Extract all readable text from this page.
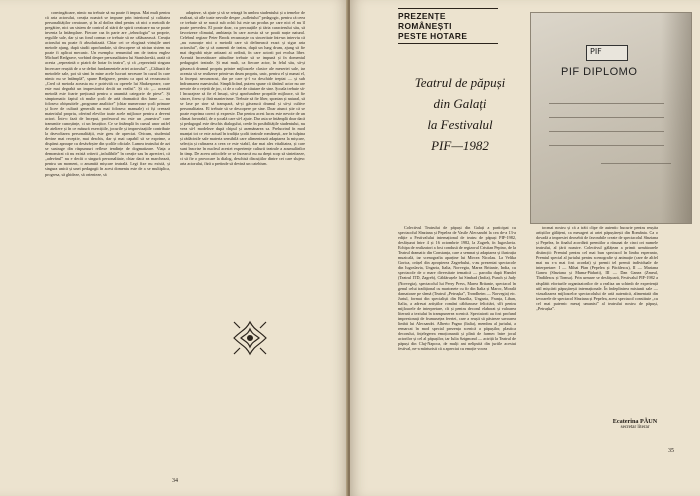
convingătoare, nimic nu trebuie să nu poate fi impus. Mai mult pentru că arta actorului, creația noastră se impune prin interiorul și calitatea personalităților creatoare, și în al doilea rând pentru că nici o metodă de pregătire, nici un sistem de control al stării de spirit creatoare nu se poate inventa la întâmplare. Fiecare caz în parte are „tehnologia” sa proprie, regulile sale, dar și un fond comun ce trebuie să ne călăuzească. Creația actorului nu poate fi absolutizată. Chiar cei ce elogiază virtuțile unei metode ajung, după studii aprofundate, să descopere că niciun sistem nu poate fi aplicat mecanic. Un exemplu: renumitul om de teatru englez Michael Redgrave, vorbind despre personalitatea lui Stanislavski, arată că acesta „reprezintă o piatră de hotar în teatru”, și că „reprezintă singura încercare reușită de a se defini fundamentele artei actorului”. „Călăuzit de metodele sale, pot să simt în mine acele lucruri necesare în cazul în care nimic nu se întâmplă”, spune Redgrave, pentru ca apoi să recunoască: „Cred că metoda aceasta nu e potrivită cu operele lui Shakespeare, care este mai degrabă un impresionist decât un realist”. Și că: „... această metodă este foarte prețioasă pentru o anumită categorie de piese”. Și simptomatic faptul că multe școli de artă dramatică din lume — nu folosesc obișnuitele „programe analitice” (chiar numeroase școli primare și licee de cultură generală nu mai folosesc manuale) ci își creează materialul propriu, oferind elevilor toate acele mijloace pentru a deveni actori. Într-o fază de început, profesorul nu este un „maestru” care transmite cunoștințe, ci un însoțitor. Ce se întâmplă în cursul unor astfel de ateliere și în ce măsură exercițiile, jocurile și improvizațiile contribuie la dezvoltarea personalității, este greu de apreciat. Oricum, studentul devine mai receptiv, mai deschis, dar și mai capabil să se exprime, a dispărut aproape cu desăvârșire din școlile oficiale. Lumea teatrului de azi se sustrage din răspunsuri reflexe tendințe de dogmatizare. Viața a demonstrat că nu există criterii „infailibile” în creație sau în aprecieri, că „adevărul” nu e decât o singură personalitate, chiar dacă ea marchează, pentru un moment, o anumită mișcare teatrală. Legi fixe nu există, și singura unică și unei pedagogii în acest domeniu este de a se multiplica, progresa, să ghideze, să orienteze, să

adapteze, să ajute și să se retragă în umbra studentului și a temelor de realizat, să afle toate nevoile despre „sufletului” pedagogic, pentru că ceea ce trebuie să se nască sub ochii lui este un produs pe care nici el nu îl poate prevedea. El poate doar, cu precauțiile și tăria caracterului său, să favorizeze climatul, ambianța în care acesta să se poată naște natural. Celebrul regizor Peter Brook recunoaște cu sinceritate într-un interviu că „nu cunoaște nici o metodă care să definească exact și sigur arta actorului”, dar și că oamenii de teatru, după un lung drum, ajung să fie mai degrabă niște artizani ai ordinii, în care actorii pot evolua liber. Această încrezătoare atitudine trebuie să se impună și în domeniul pedagogiei teatrale. Și mai mult, ca fiecare actor, în felul său, să-și găsească drumul propriu printre mijloacele clasice ale meseriei sale, iar aceasta să se realizeze printr-un drum propriu, unic, pentru el și numai el, la început necunoscut, dar pe care și-l va deschide treptat — și sub îndrumarea maestrului. Simplificând, putem spune că tânărul actor nu are nevoie de o rețetă de joc, ci de o cale de căutare de sine. Școala trebuie să-l încurajeze să fie el însuși, să-și aprofundeze propriile mijloace, să fie sincer, firesc și fără manierisme. Trebuie să fie liber, spontan și natural, să se lase pe sine să transpară, să-și găsească drumul și să-și cultive personalitatea. El trebuie să se descopere pe sine. Doar atunci știe că se poate exprima corect și expresiv. Dar pentru acest lucru este nevoie de un climat favorabil, de o școală care să-l ajute. Dar asta se întâmplă doar dacă și pedagogul este deschis dialogului, crede în posibilitățile studentului, nu vrea să-l modeleze după chipul și asemănarea sa. Prelucrind în mod nuanțat tot ce este actual în tradiția școlii teatrale românești, are în tulpina și rădăcinile sale materia sensibilă care alimentează adaptarea la mișcare, selecția și rafinarea a ceea ce este viabil, dar mai ales vitalitatea, și care sunt înscrise în nucleul acestei experiențe culturii teatrale a acumulărilor în timp. De aceea articolele ce se încearcă nu au drept scop să sintetizeze, ci să fie o provocare la dialog, deschisă discuțiilor dintre cei care slujesc arta actorului, fără a pretinde să devină un catehism.

34
PREZENȚE ROMÂNEȘTI
PESTE HOTARE
Teatrul de păpuși
din Galați
la Festivalul
PIF—1982
PIF
PIF DIPLOMO

Colectivul Teatrului de păpuși din Galați a participat cu spectacolul Sînziana și Pepelea de Vasile Alecsandri la cea de-a 13-a ediție a Festivalului internațional de teatru de păpuși PIF-1982, desfășurat între 4 și 16 octombrie 1982, la Zagreb, în Iugoslavia. Echipa de realizatori a fost condusă de regizorul Cristian Pepino, de la Teatrul dramatic din Constanța, care a semnat și adaptarea și ilustrația muzicală, iar scenografia aparține lui Mircea Nicolau. La Velika Gorica, orășel din apropierea Zagrebului, s-au prezentat spectacole din Iugoslavia, Ungaria, Italia, Norvegia, Marea Britanie, India, cu spectacole de o mare diversitate tematică — parodia după Hamlet (Teatrul ITD, Zagreb), Căldărușele lui Simbad (India), Punch și Judy (Norvegia), spectacolul lui Perry Press, Marea Britanie, spectacol în genul celui tradițional cu marionete cu fir din Italia și Maroc, Morală dansatoare pe sîrmă (Teatrul „Petrușka”, Trondheim — Norvegia) etc. Juriul, format din specialiști din Brazilia, Ungaria, Franța, Liban, Italia, a adresat artiștilor români călduroase felicitări, sîft pentru mijloacele de interpretare, cît și pentru decorul elaborat și valoarea literară a textului în transpunerea scenică. Spectatorii au fost profund impresionați de frumusețea feeriei, care a reușit să păstreze savoarea limbii lui Alecsandri. Alberto Pagno (Italia), membru al juriului, a remarcat în mod special prezența scenică a păpușilor, plastica decorului, înțelegerea emoționantă și plină de farmec între jocul actorilor și cel al păpușilor, iar Iulia Szigmond — actriță la Teatrul de păpuși din Cluj-Napoca, de mulți ani nelipsită din juriile acestui festival, ne-a mărturisit că a apreciat cu emoție vocea

tocmai nostru și că a trăit clipe de autentic bucurie pentru reușita artiștilor gălățeni, ca mesageri ai artei păpușărești din România. Ca o dovadă a impresiei deosebit de favorabile create de spectacolul Sînziana și Pepelea, în finalul acordării premiilor a răsunat de cinci ori numele teatrului, al țării noastre. Colectivul gălățean a primit următoarele distincții: Premiul pentru cel mai bun spectacol în limba esperanto, Premiul special al juriului pentru scenografie și animație (care de altfel mai nu s-a mai fost acordat) și premii tel premii individuale de interpretare: I — Mihai Pîan (Pepelea și Păcălescu), II — Mariana Ganea (Sînziana și Muma-Pădurii), III — Dan Ganea (Zmeul, Tîndălescu și Tomsa). Prin urmare se desfășoară, Festivalul PIF-1982 a răsplătit eforturile organizatorilor de a realiza un schimb de experiență util mișcării păpușărești internaționale. În îndeplinirea misiunii sale — vizualizarea mijloacelor spectacolului de artă autentică, alimentată din izvoarele de spectacol Sînziana și Pepelea, acest spectacol constituie „cu cel mai puternic mesaj umanist” al teatrului nostru de păpuși, „Petrușka”.

Ecaterina PĂUN
secretar literar
35
